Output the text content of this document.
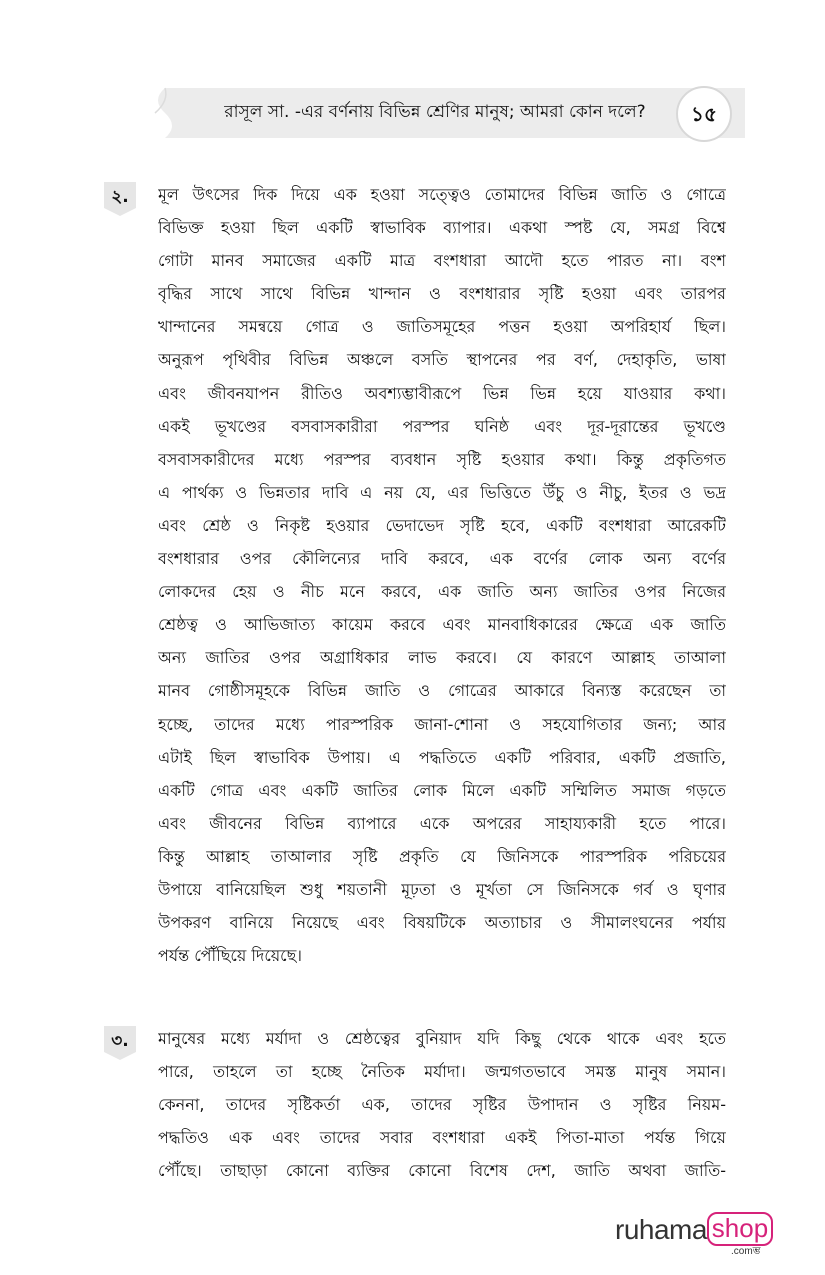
রাসূল সা. -এর বর্ণনায় বিভিন্ন শ্রেণির মানুষ; আমরা কোন দলে?	১৫
২.	মূল উৎসের দিক দিয়ে এক হওয়া সত্ত্বেও তোমাদের বিভিন্ন জাতি ও গোত্রে
বিভিক্ত হওয়া ছিল একটি স্বাভাবিক ব্যাপার। একথা স্পষ্ট যে, সমগ্র বিশ্বে
গোটা মানব সমাজের একটি মাত্র বংশধারা আদৌ হতে পারত না। বংশ
বৃদ্ধির সাথে সাথে বিভিন্ন খান্দান ও বংশধারার সৃষ্টি হওয়া এবং তারপর
খান্দানের সমন্বয়ে গোত্র ও জাতিসমূহের পত্তন হওয়া অপরিহার্য ছিল।
অনুরূপ পৃথিবীর বিভিন্ন অঞ্চলে বসতি স্থাপনের পর বর্ণ, দেহাকৃতি, ভাষা
এবং জীবনযাপন রীতিও অবশ্যম্ভাবীরূপে ভিন্ন ভিন্ন হয়ে যাওয়ার কথা।
একই ভূখণ্ডের বসবাসকারীরা পরস্পর ঘনিষ্ঠ এবং দূর-দূরান্তের ভূখণ্ডে
বসবাসকারীদের মধ্যে পরস্পর ব্যবধান সৃষ্টি হওয়ার কথা। কিন্তু প্রকৃতিগত
এ পার্থক্য ও ভিন্নতার দাবি এ নয় যে, এর ভিত্তিতে উঁচু ও নীচু, ইতর ও ভদ্র
এবং শ্রেষ্ঠ ও নিকৃষ্ট হওয়ার ভেদাভেদ সৃষ্টি হবে, একটি বংশধারা আরেকটি
বংশধারার ওপর কৌলিন্যের দাবি করবে, এক বর্ণের লোক অন্য বর্ণের
লোকদের হেয় ও নীচ মনে করবে, এক জাতি অন্য জাতির ওপর নিজের
শ্রেষ্ঠত্ব ও আভিজাত্য কায়েম করবে এবং মানবাধিকারের ক্ষেত্রে এক জাতি
অন্য জাতির ওপর অগ্রাধিকার লাভ করবে। যে কারণে আল্লাহ তাআলা
মানব গোষ্ঠীসমূহকে বিভিন্ন জাতি ও গোত্রের আকারে বিন্যস্ত করেছেন তা
হচ্ছে, তাদের মধ্যে পারস্পরিক জানা-শোনা ও সহযোগিতার জন্য; আর
এটাই ছিল স্বাভাবিক উপায়। এ পদ্ধতিতে একটি পরিবার, একটি প্রজাতি,
একটি গোত্র এবং একটি জাতির লোক মিলে একটি সম্মিলিত সমাজ গড়তে
এবং জীবনের বিভিন্ন ব্যাপারে একে অপরের সাহায্যকারী হতে পারে।
কিন্তু আল্লাহ তাআলার সৃষ্টি প্রকৃতি যে জিনিসকে পারস্পরিক পরিচয়ের
উপায়ে বানিয়েছিল শুধু শয়তানী মূঢ়তা ও মূর্খতা সে জিনিসকে গর্ব ও ঘৃণার
উপকরণ বানিয়ে নিয়েছে এবং বিষয়টিকে অত্যাচার ও সীমালংঘনের পর্যায়
পর্যন্ত পৌঁছিয়ে দিয়েছে।
৩.	মানুষের মধ্যে মর্যাদা ও শ্রেষ্ঠত্বের বুনিয়াদ যদি কিছু থেকে থাকে এবং হতে
পারে, তাহলে তা হচ্ছে নৈতিক মর্যাদা। জন্মগতভাবে সমস্ত মানুষ সমান।
কেননা, তাদের সৃষ্টিকর্তা এক, তাদের সৃষ্টির উপাদান ও সৃষ্টির নিয়ম-
পদ্ধতিও এক এবং তাদের সবার বংশধারা একই পিতা-মাতা পর্যন্ত গিয়ে
পৌঁছে। তাছাড়া কোনো ব্যক্তির কোনো বিশেষ দেশ, জাতি অথবা জাতি-
ruhama shop
.comম্ভ
